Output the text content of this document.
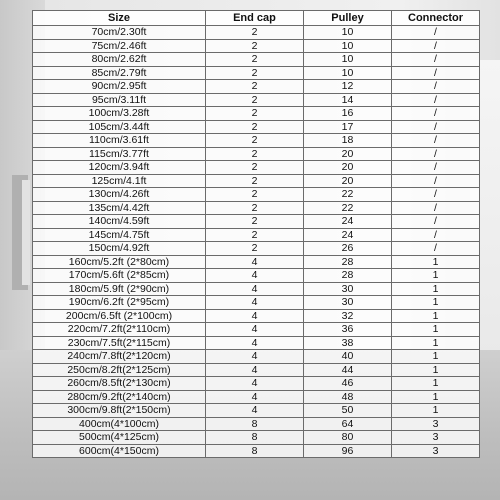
Size	End cap	Pulley	Connector
70cm/2.30ft	2	10	/
75cm/2.46ft	2	10	/
80cm/2.62ft	2	10	/
85cm/2.79ft	2	10	/
90cm/2.95ft	2	12	/
95cm/3.11ft	2	14	/
100cm/3.28ft	2	16	/
105cm/3.44ft	2	17	/
110cm/3.61ft	2	18	/
115cm/3.77ft	2	20	/
120cm/3.94ft	2	20	/
125cm/4.1ft	2	20	/
130cm/4.26ft	2	22	/
135cm/4.42ft	2	22	/
140cm/4.59ft	2	24	/
145cm/4.75ft	2	24	/
150cm/4.92ft	2	26	/
160cm/5.2ft (2*80cm)	4	28	1
170cm/5.6ft (2*85cm)	4	28	1
180cm/5.9ft (2*90cm)	4	30	1
190cm/6.2ft (2*95cm)	4	30	1
200cm/6.5ft (2*100cm)	4	32	1
220cm/7.2ft(2*110cm)	4	36	1
230cm/7.5ft(2*115cm)	4	38	1
240cm/7.8ft(2*120cm)	4	40	1
250cm/8.2ft(2*125cm)	4	44	1
260cm/8.5ft(2*130cm)	4	46	1
280cm/9.2ft(2*140cm)	4	48	1
300cm/9.8ft(2*150cm)	4	50	1
400cm(4*100cm)	8	64	3
500cm(4*125cm)	8	80	3
600cm(4*150cm)	8	96	3
